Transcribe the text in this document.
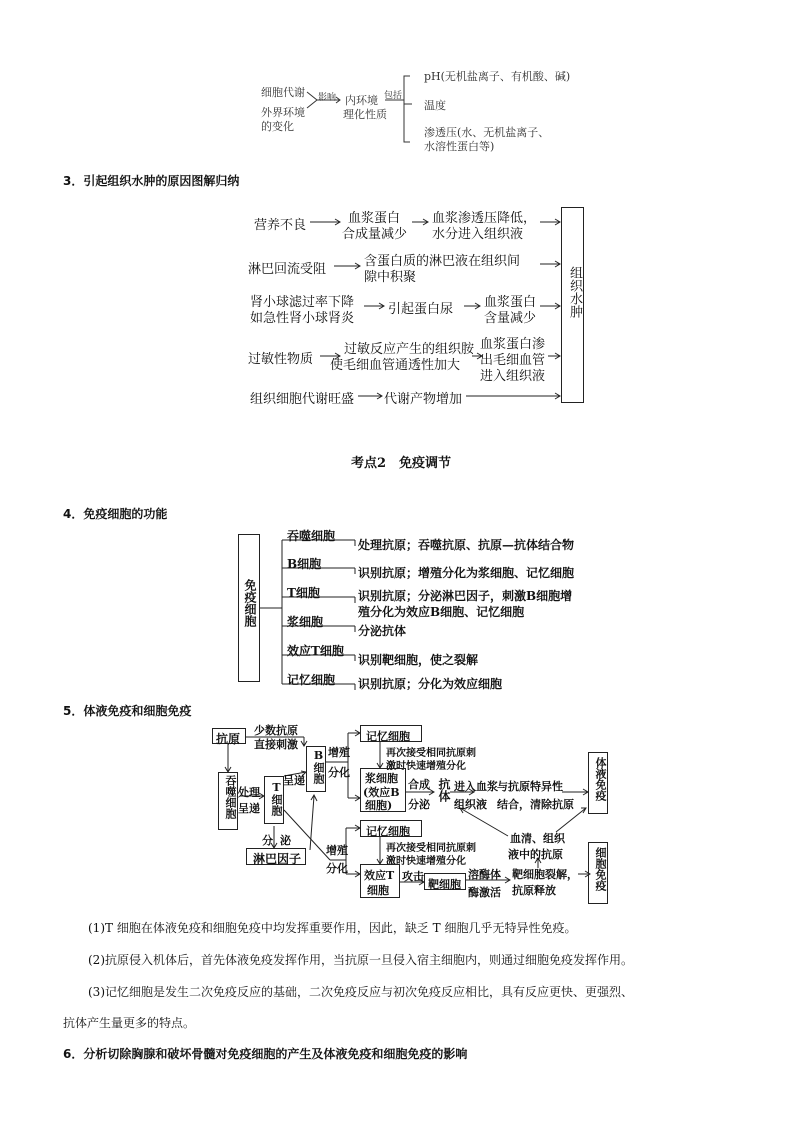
细胞代谢
外界环境
的变化
影响 内环境
理化性质
包括
pH(无机盐离子、有机酸、碱)
温度
渗透压(水、无机盐离子、
水溶性蛋白等)
3．引起组织水肿的原因图解归纳
组织水肿
营养不良	血浆蛋白
合成量减少
血浆渗透压降低，
水分进入组织液
淋巴回流受阻
含蛋白质的淋巴液在组织间
隙中积聚
肾小球滤过率下降
如急性肾小球肾炎
引起蛋白尿 血浆蛋白
含量减少
过敏性物质
过敏反应产生的组织胺
使毛细血管通透性加大
血浆蛋白渗
出毛细血管
进入组织液
组织细胞代谢旺盛 代谢产物增加
考点2　免疫调节
4．免疫细胞的功能
免疫细胞
吞噬细胞
B细胞
T细胞
浆细胞
效应T细胞
记忆细胞
处理抗原；吞噬抗原、抗原—抗体结合物
识别抗原；增殖分化为浆细胞、记忆细胞
识别抗原；分泌淋巴因子，刺激B细胞增
殖分化为效应B细胞、记忆细胞
分泌抗体
识别靶细胞，使之裂解
识别抗原；分化为效应细胞
5．体液免疫和细胞免疫
抗原
少数抗原
直接刺激
吞噬细胞 处理
呈递 T细胞
呈递 B细胞 增殖
分化
记忆细胞
再次接受相同抗原刺
激时快速增殖分化
浆细胞
(效应B
细胞)
合成
分泌
抗体 进入血浆
组织液
与抗原特异性
结合，清除抗原
体液免疫
分 泌
淋巴因子
记忆细胞
再次接受相同抗原刺
激时快速增殖分化
增殖
分化
效应T
细胞
攻击
靶细胞
溶酶体
酶激活
血清、组织
液中的抗原
靶细胞裂解，
抗原释放	细胞免疫
(1)T 细胞在体液免疫和细胞免疫中均发挥重要作用，因此，缺乏 T 细胞几乎无特异性免疫。
(2)抗原侵入机体后，首先体液免疫发挥作用，当抗原一旦侵入宿主细胞内，则通过细胞免疫发挥作用。
(3)记忆细胞是发生二次免疫反应的基础，二次免疫反应与初次免疫反应相比，具有反应更快、更强烈、
抗体产生量更多的特点。
6．分析切除胸腺和破坏骨髓对免疫细胞的产生及体液免疫和细胞免疫的影响
